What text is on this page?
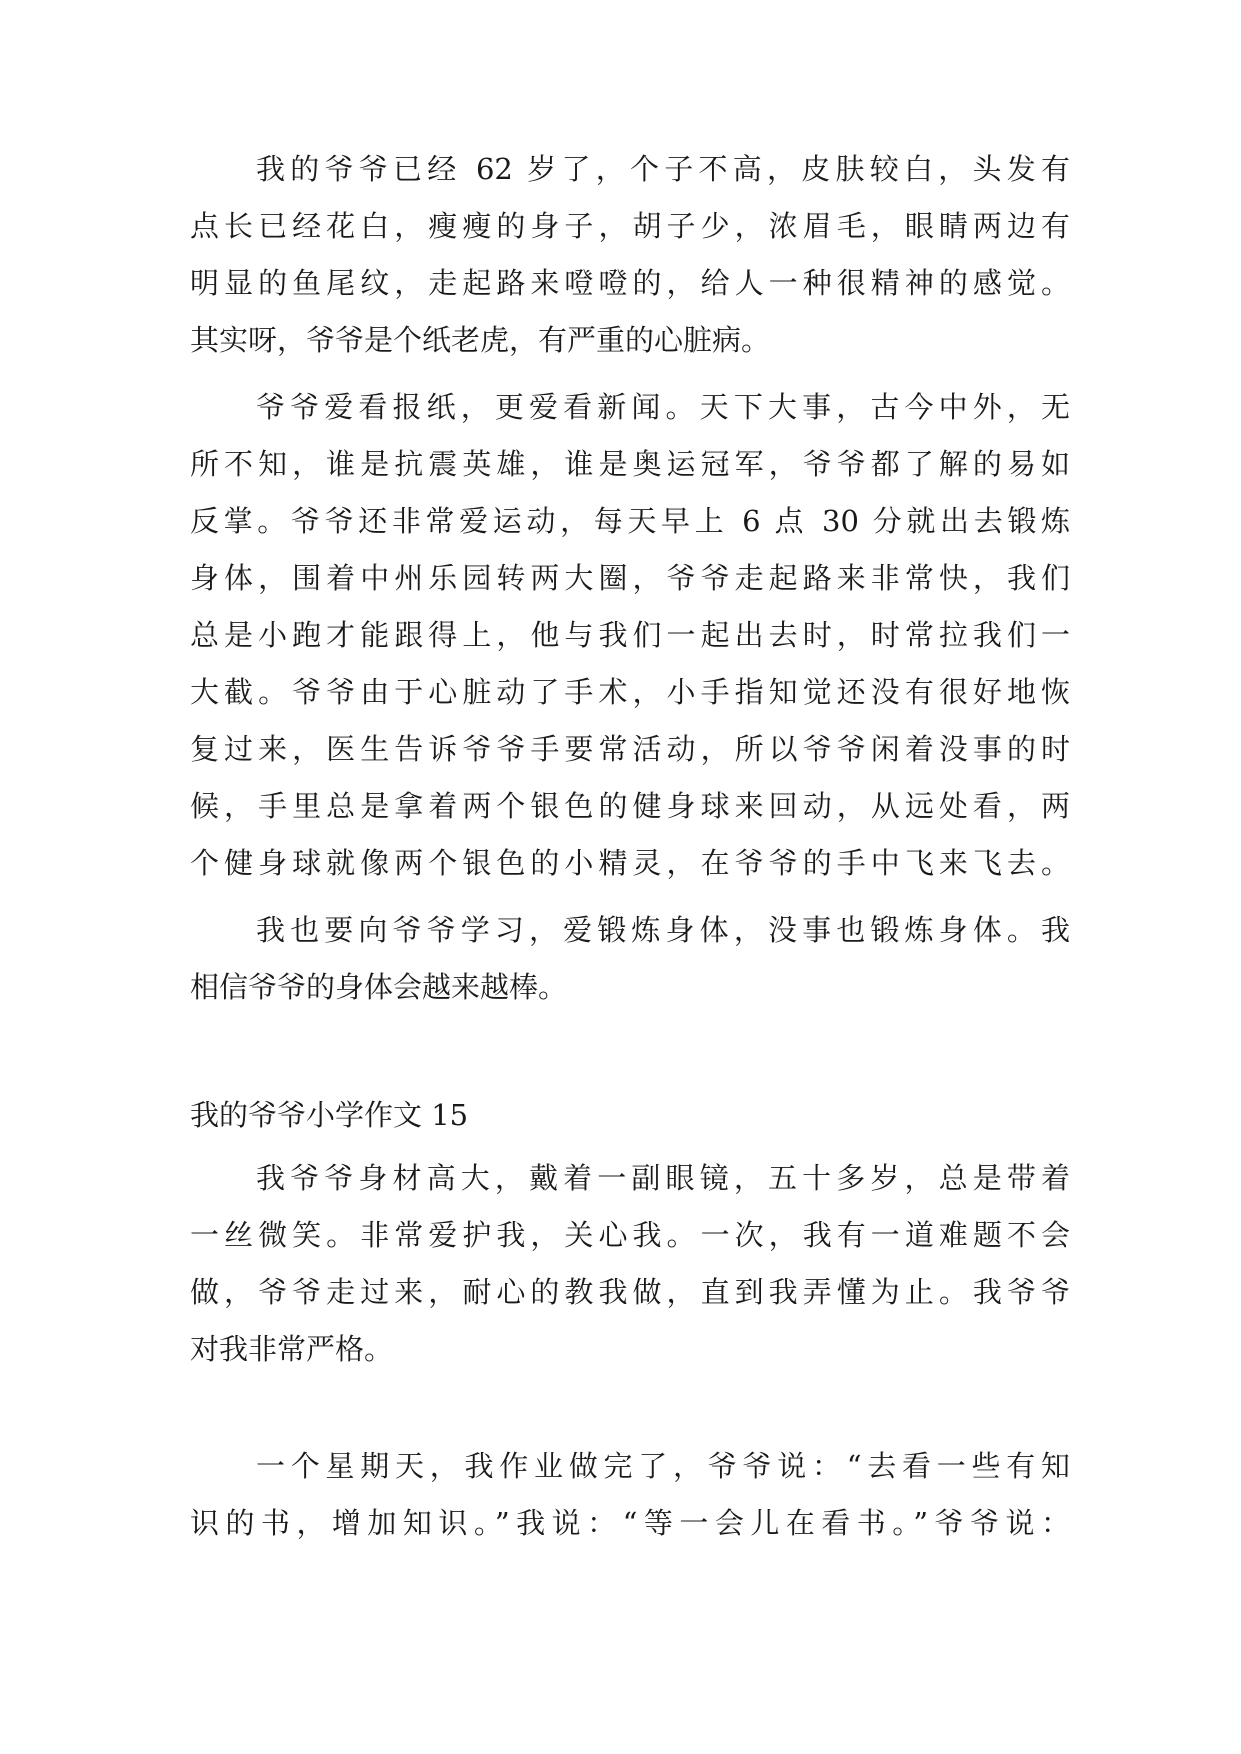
我的爷爷已经 62 岁了，个子不高，皮肤较白，头发有
点长已经花白，瘦瘦的身子，胡子少，浓眉毛，眼睛两边有
明显的鱼尾纹，走起路来噔噔的，给人一种很精神的感觉。
其实呀，爷爷是个纸老虎，有严重的心脏病。
爷爷爱看报纸，更爱看新闻。天下大事，古今中外，无
所不知，谁是抗震英雄，谁是奥运冠军，爷爷都了解的易如
反掌。爷爷还非常爱运动，每天早上 6 点 30 分就出去锻炼
身体，围着中州乐园转两大圈，爷爷走起路来非常快，我们
总是小跑才能跟得上，他与我们一起出去时，时常拉我们一
大截。爷爷由于心脏动了手术，小手指知觉还没有很好地恢
复过来，医生告诉爷爷手要常活动，所以爷爷闲着没事的时
候，手里总是拿着两个银色的健身球来回动，从远处看，两
个健身球就像两个银色的小精灵，在爷爷的手中飞来飞去。
我也要向爷爷学习，爱锻炼身体，没事也锻炼身体。我
相信爷爷的身体会越来越棒。
我的爷爷小学作文 15
我爷爷身材高大，戴着一副眼镜，五十多岁，总是带着
一丝微笑。非常爱护我，关心我。一次，我有一道难题不会
做，爷爷走过来，耐心的教我做，直到我弄懂为止。我爷爷
对我非常严格。
一个星期天，我作业做完了，爷爷说：“去看一些有知
识的书，增加知识。”我说：“等一会儿在看书。”爷爷说：
